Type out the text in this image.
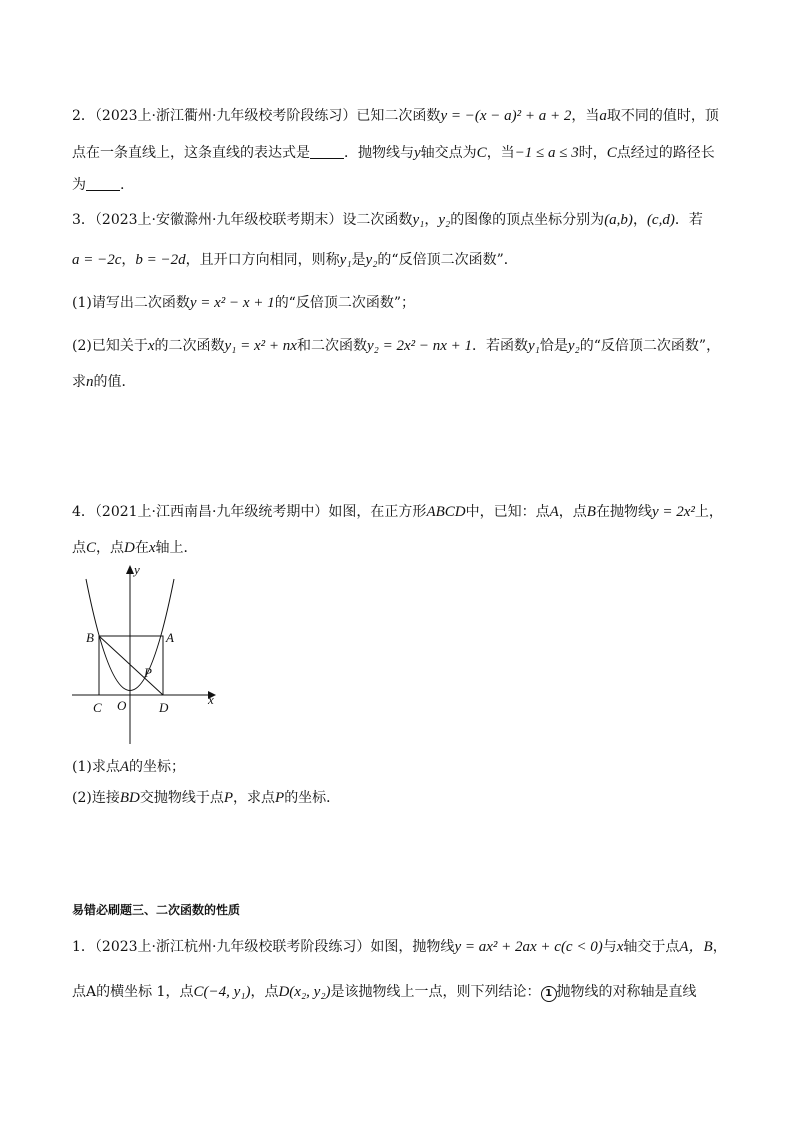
2．（2023上·浙江衢州·九年级校考阶段练习）已知二次函数y = −(x − a)² + a + 2，当a取不同的值时，顶
点在一条直线上，这条直线的表达式是 ．抛物线与y轴交点为C，当−1 ≤ a ≤ 3时，C点经过的路径长
为 .
3．（2023上·安徽滁州·九年级校联考期末）设二次函数y₁，y₂的图像的顶点坐标分别为(a,b)，(c,d)．若
a = −2c，b = −2d，且开口方向相同，则称y₁是y₂的“反倍顶二次函数”．
(1)请写出二次函数y = x² − x + 1的“反倍顶二次函数”；
(2)已知关于x的二次函数y₁ = x² + nx和二次函数y₂ = 2x² − nx + 1．若函数y₁恰是y₂的“反倍顶二次函数”，
求n的值．
4．（2021上·江西南昌·九年级统考期中）如图，在正方形ABCD中，已知：点A，点B在抛物线y = 2x²上，
点C，点D在x轴上．
y
x
B	A
P
C O	D
(1)求点A的坐标；
(2)连接BD交抛物线于点P，求点P的坐标．
易错必刷题三、二次函数的性质
1．（2023上·浙江杭州·九年级校联考阶段练习）如图，抛物线y = ax² + 2ax + c(c < 0)与x轴交于点A，B，
点A的横坐标 1，点C(−4, y₁)，点D(x₂, y₂)是该抛物线上一点，则下列结论： 1 抛物线的对称轴是直线
